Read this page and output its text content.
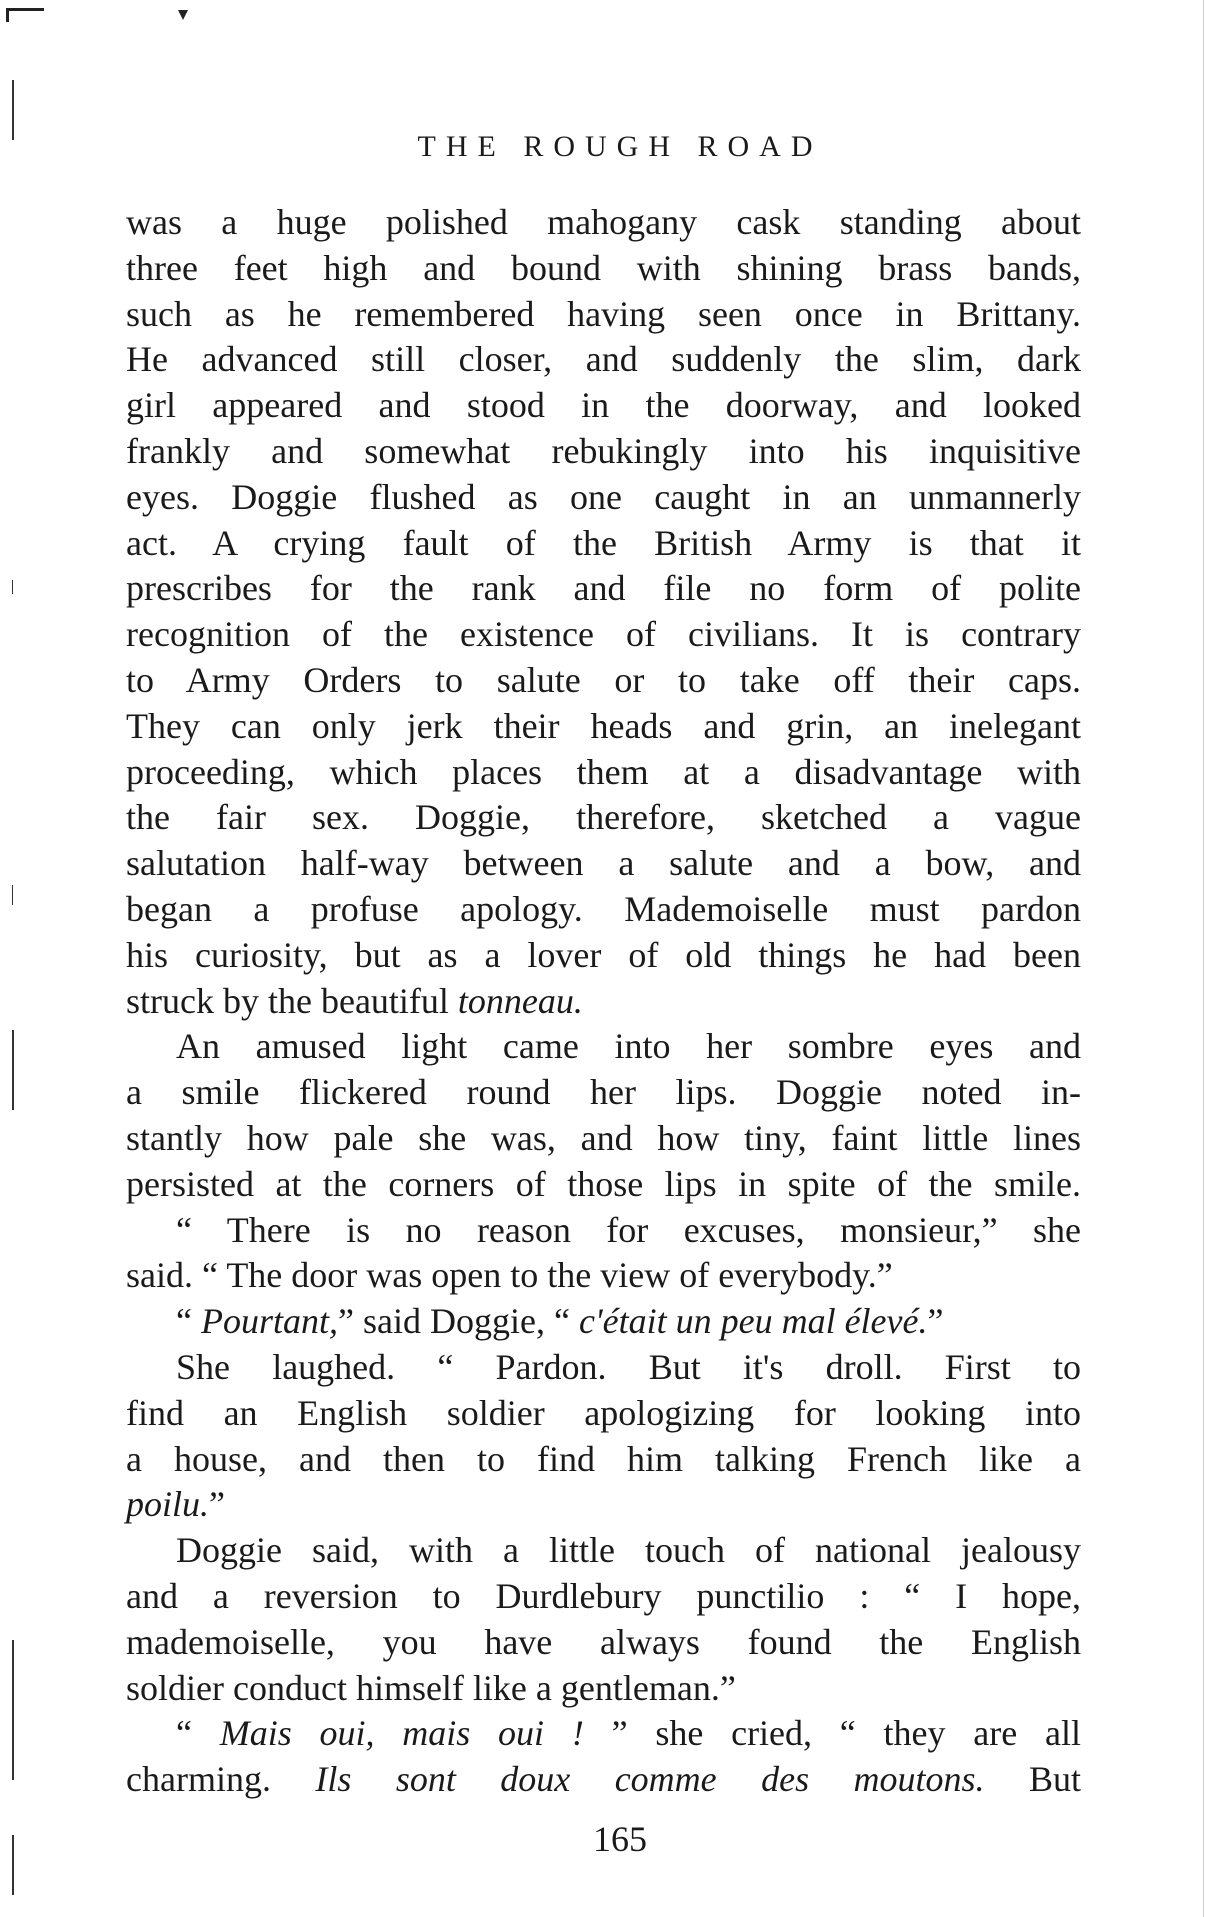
THE ROUGH ROAD
was a huge polished mahogany cask standing about
three feet high and bound with shining brass bands,
such as he remembered having seen once in Brittany.
He advanced still closer, and suddenly the slim, dark
girl appeared and stood in the doorway, and looked
frankly and somewhat rebukingly into his inquisitive
eyes. Doggie flushed as one caught in an unmannerly
act. A crying fault of the British Army is that it
prescribes for the rank and file no form of polite
recognition of the existence of civilians. It is contrary
to Army Orders to salute or to take off their caps.
They can only jerk their heads and grin, an inelegant
proceeding, which places them at a disadvantage with
the fair sex. Doggie, therefore, sketched a vague
salutation half-way between a salute and a bow, and
began a profuse apology. Mademoiselle must pardon
his curiosity, but as a lover of old things he had been
struck by the beautiful tonneau.
An amused light came into her sombre eyes and
a smile flickered round her lips. Doggie noted in-
stantly how pale she was, and how tiny, faint little lines
persisted at the corners of those lips in spite of the smile.
“ There is no reason for excuses, monsieur,” she
said. “ The door was open to the view of everybody.”
“ Pourtant,” said Doggie, “ c'était un peu mal élevé.”
She laughed. “ Pardon. But it's droll. First to
find an English soldier apologizing for looking into
a house, and then to find him talking French like a
poilu.”
Doggie said, with a little touch of national jealousy
and a reversion to Durdlebury punctilio : “ I hope,
mademoiselle, you have always found the English
soldier conduct himself like a gentleman.”
“ Mais oui, mais oui ! ” she cried, “ they are all
charming. Ils sont doux comme des moutons. But
165
